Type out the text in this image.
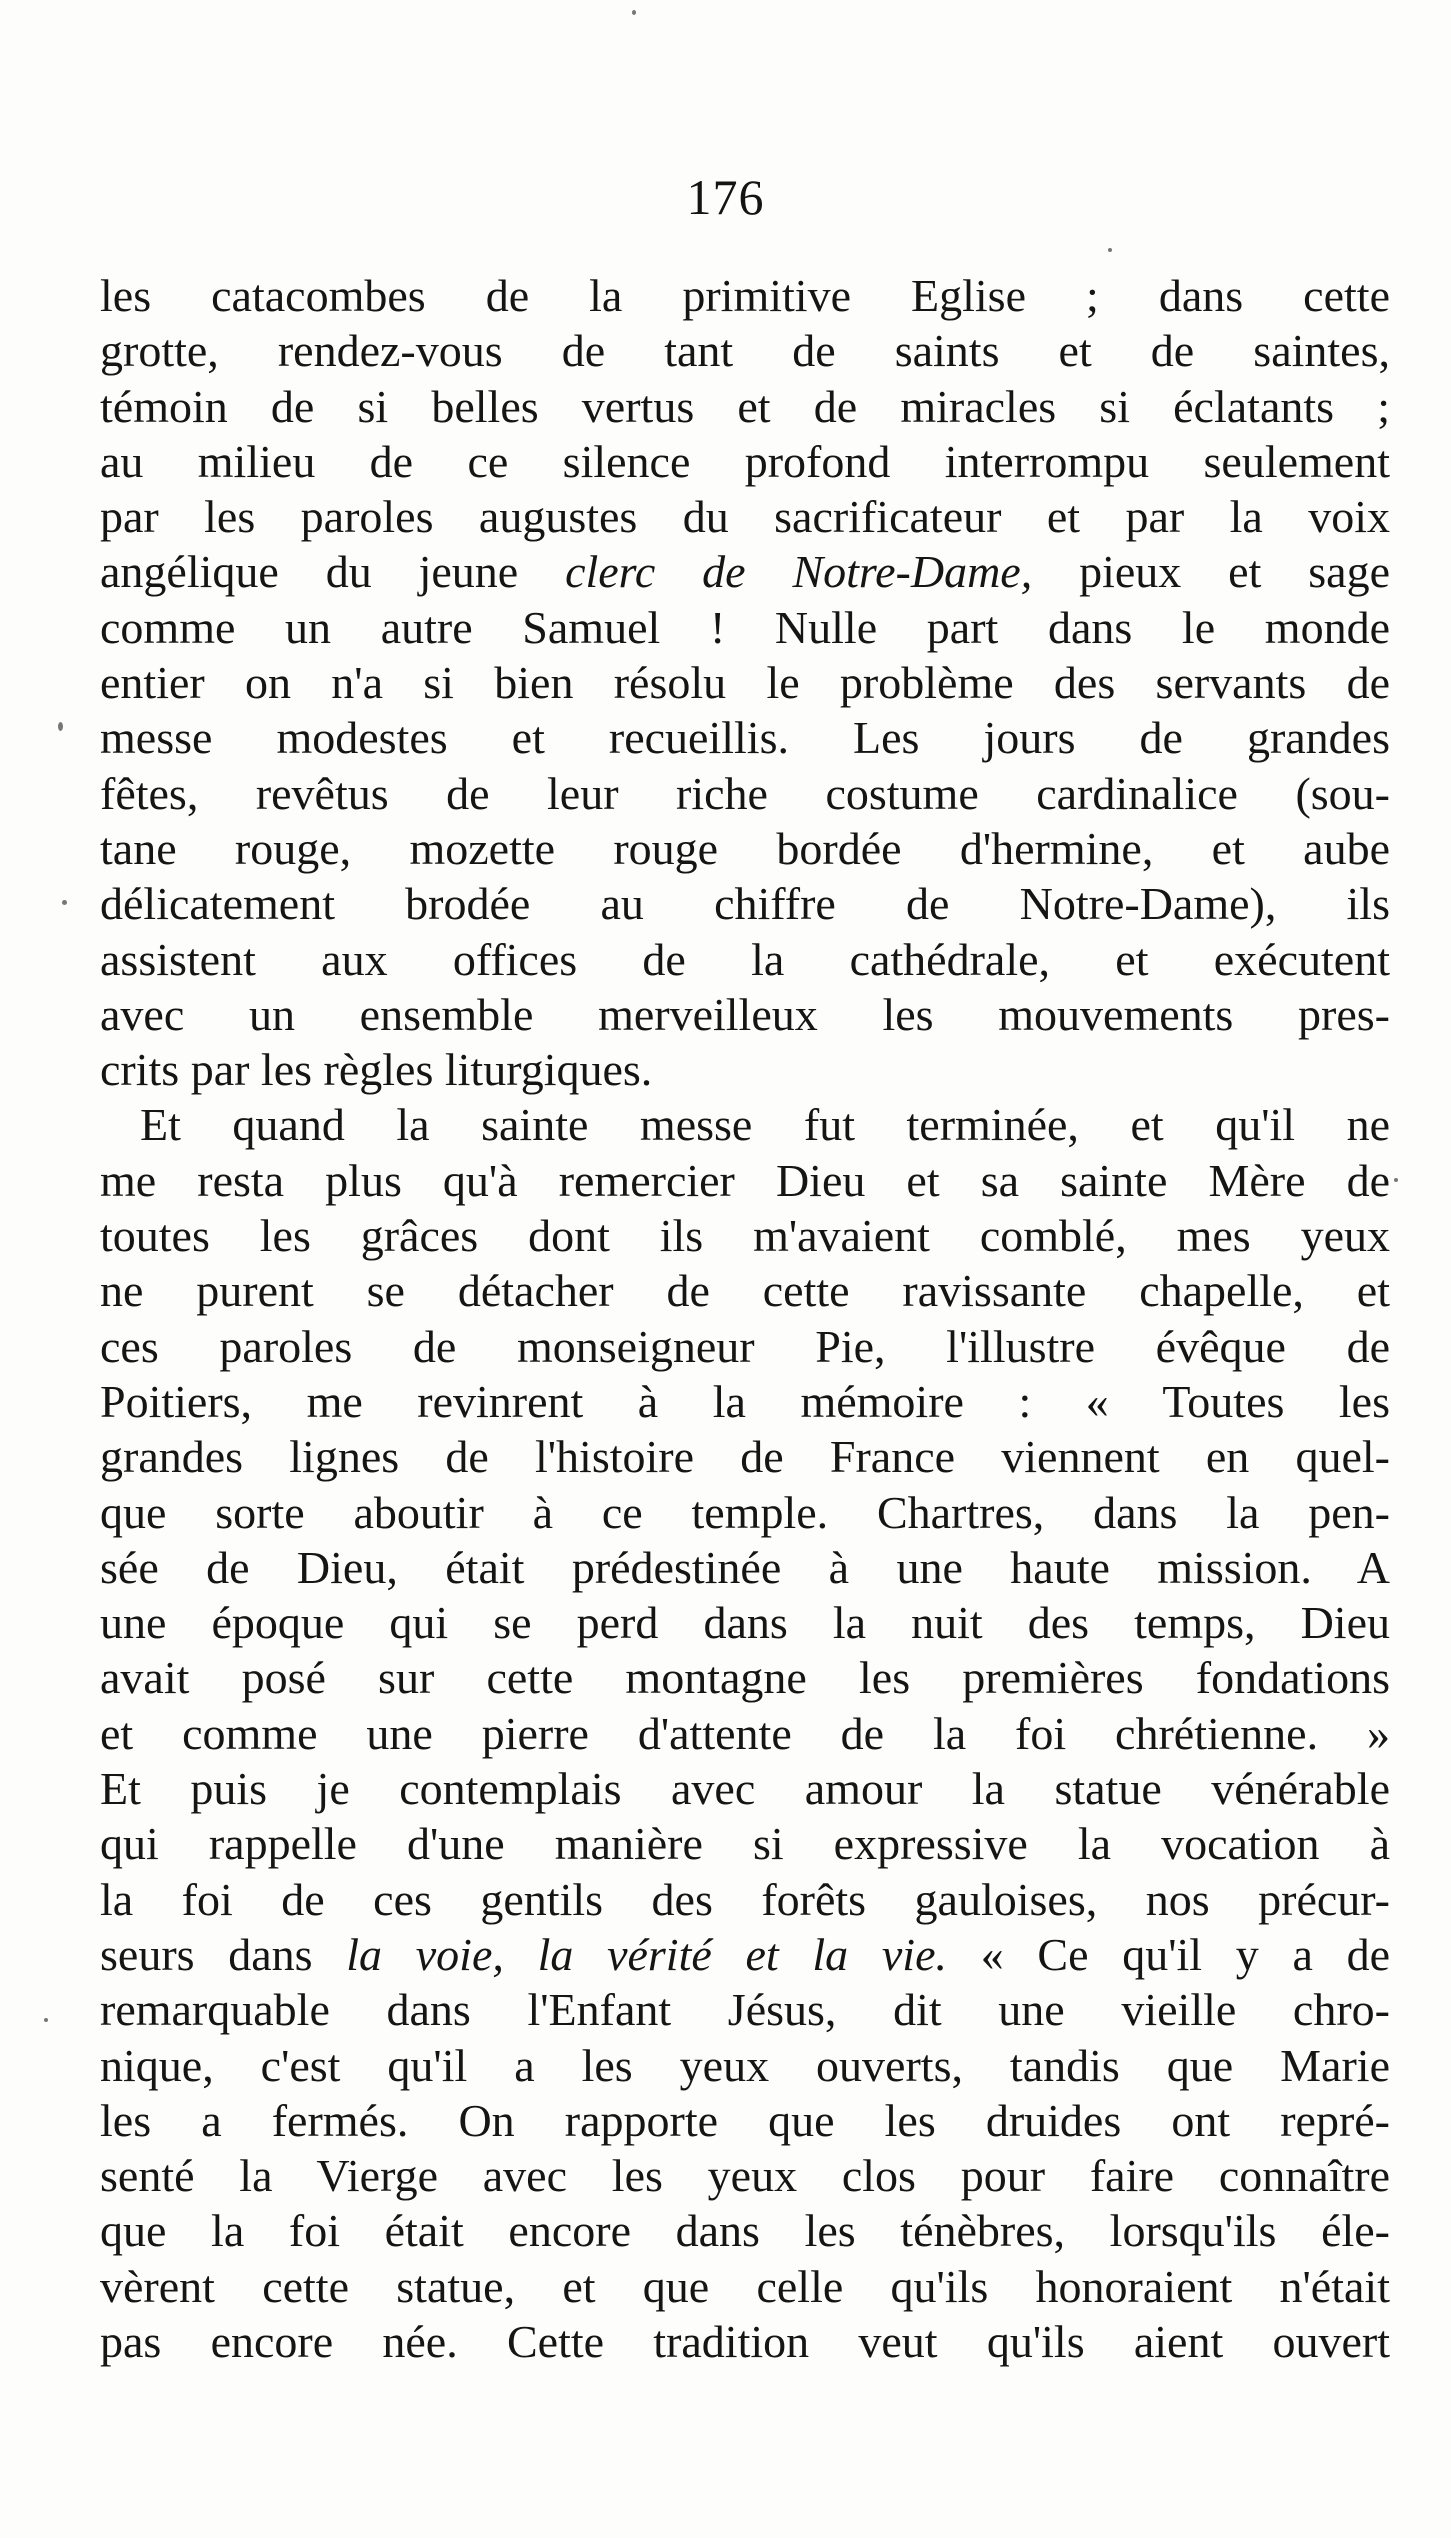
176
les catacombes de la primitive Eglise ; dans cette
grotte, rendez-vous de tant de saints et de saintes,
témoin de si belles vertus et de miracles si éclatants ;
au milieu de ce silence profond interrompu seulement
par les paroles augustes du sacrificateur et par la voix
angélique du jeune clerc de Notre-Dame, pieux et sage
comme un autre Samuel ! Nulle part dans le monde
entier on n'a si bien résolu le problème des servants de
messe modestes et recueillis. Les jours de grandes
fêtes, revêtus de leur riche costume cardinalice (sou-
tane rouge, mozette rouge bordée d'hermine, et aube
délicatement brodée au chiffre de Notre-Dame), ils
assistent aux offices de la cathédrale, et exécutent
avec un ensemble merveilleux les mouvements pres-
crits par les règles liturgiques.
Et quand la sainte messe fut terminée, et qu'il ne
me resta plus qu'à remercier Dieu et sa sainte Mère de
toutes les grâces dont ils m'avaient comblé, mes yeux
ne purent se détacher de cette ravissante chapelle, et
ces paroles de monseigneur Pie, l'illustre évêque de
Poitiers, me revinrent à la mémoire : « Toutes les
grandes lignes de l'histoire de France viennent en quel-
que sorte aboutir à ce temple. Chartres, dans la pen-
sée de Dieu, était prédestinée à une haute mission. A
une époque qui se perd dans la nuit des temps, Dieu
avait posé sur cette montagne les premières fondations
et comme une pierre d'attente de la foi chrétienne. »
Et puis je contemplais avec amour la statue vénérable
qui rappelle d'une manière si expressive la vocation à
la foi de ces gentils des forêts gauloises, nos précur-
seurs dans la voie, la vérité et la vie. « Ce qu'il y a de
remarquable dans l'Enfant Jésus, dit une vieille chro-
nique, c'est qu'il a les yeux ouverts, tandis que Marie
les a fermés. On rapporte que les druides ont repré-
senté la Vierge avec les yeux clos pour faire connaître
que la foi était encore dans les ténèbres, lorsqu'ils éle-
vèrent cette statue, et que celle qu'ils honoraient n'était
pas encore née. Cette tradition veut qu'ils aient ouvert
